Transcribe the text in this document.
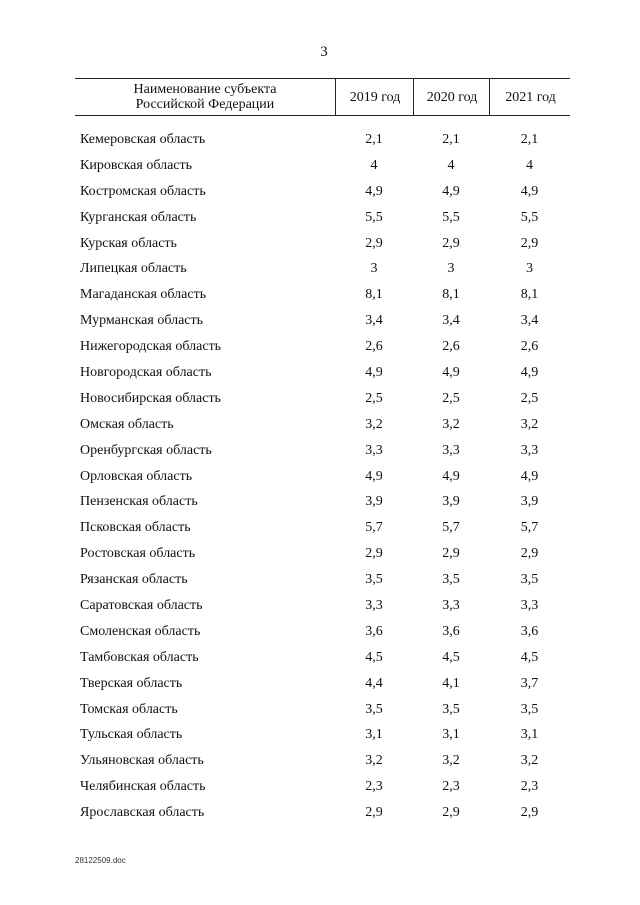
3
Наименование субъекта
Российской Федерации	2019 год	2020 год	2021 год
Кемеровская область	2,1	2,1	2,1
Кировская область	4	4	4
Костромская область	4,9	4,9	4,9
Курганская область	5,5	5,5	5,5
Курская область	2,9	2,9	2,9
Липецкая область	3	3	3
Магаданская область	8,1	8,1	8,1
Мурманская область	3,4	3,4	3,4
Нижегородская область	2,6	2,6	2,6
Новгородская область	4,9	4,9	4,9
Новосибирская область	2,5	2,5	2,5
Омская область	3,2	3,2	3,2
Оренбургская область	3,3	3,3	3,3
Орловская область	4,9	4,9	4,9
Пензенская область	3,9	3,9	3,9
Псковская область	5,7	5,7	5,7
Ростовская область	2,9	2,9	2,9
Рязанская область	3,5	3,5	3,5
Саратовская область	3,3	3,3	3,3
Смоленская область	3,6	3,6	3,6
Тамбовская область	4,5	4,5	4,5
Тверская область	4,4	4,1	3,7
Томская область	3,5	3,5	3,5
Тульская область	3,1	3,1	3,1
Ульяновская область	3,2	3,2	3,2
Челябинская область	2,3	2,3	2,3
Ярославская область	2,9	2,9	2,9
28122509.doc
